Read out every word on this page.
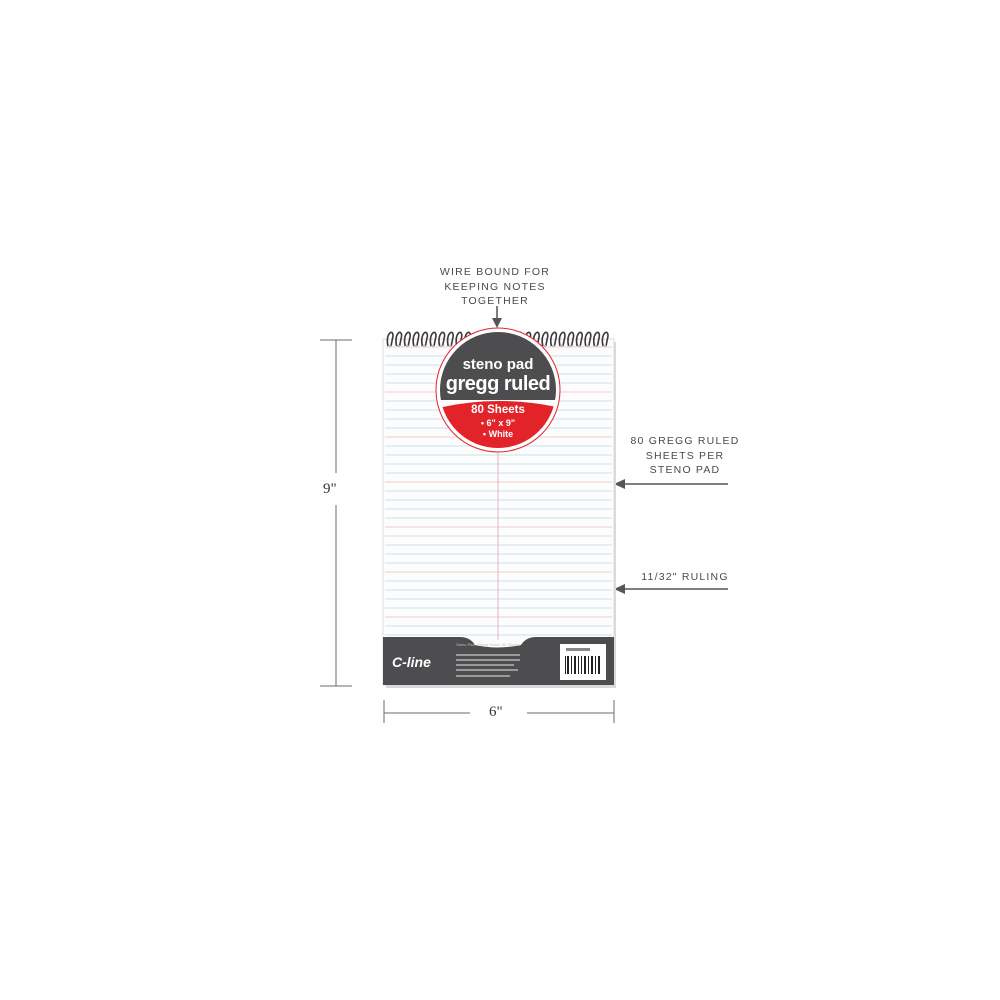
WIRE BOUND FOR
KEEPING NOTES
TOGETHER
80 GREGG RULED
SHEETS PER
STENO PAD
11/32" RULING
9"
6"
steno pad
gregg ruled
80 Sheets
• 6" x 9"
• White
C-line
Steno Pad, Gregg Ruled, 80 Sheets
